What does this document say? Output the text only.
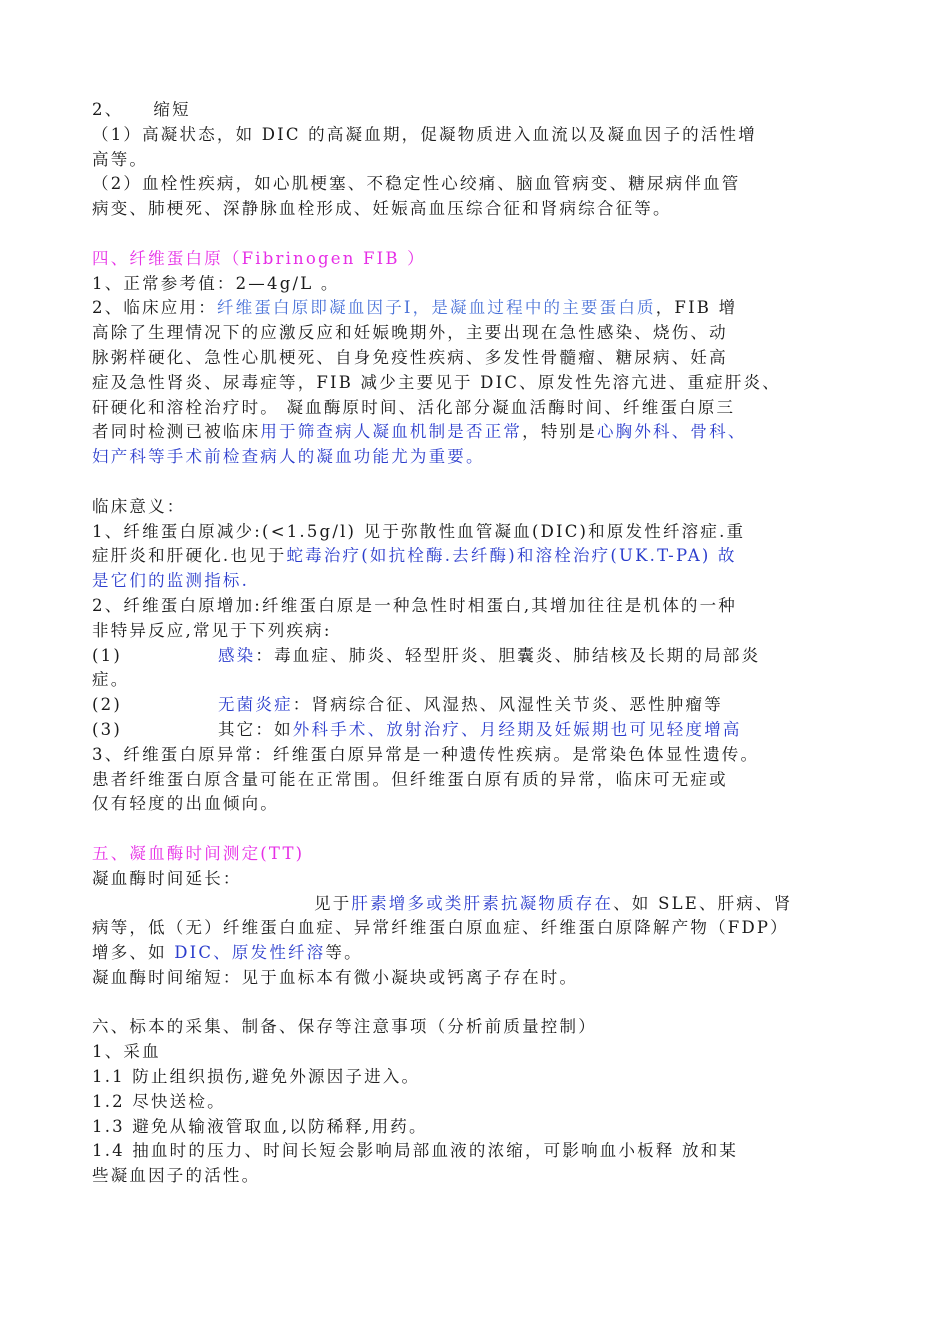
2、 缩短
（1）高凝状态，如 DIC 的高凝血期，促凝物质进入血流以及凝血因子的活性增
高等。
（2）血栓性疾病，如心肌梗塞、不稳定性心绞痛、脑血管病变、糖尿病伴血管
病变、肺梗死、深静脉血栓形成、妊娠高血压综合征和肾病综合征等。
四、纤维蛋白原（Fibrinogen FIB ）
1、正常参考值：2—4g/L 。
2、临床应用：纤维蛋白原即凝血因子Ⅰ，是凝血过程中的主要蛋白质，FIB 增
高除了生理情况下的应激反应和妊娠晚期外，主要出现在急性感染、烧伤、动
脉粥样硬化、急性心肌梗死、自身免疫性疾病、多发性骨髓瘤、糖尿病、妊高
症及急性肾炎、尿毒症等，FIB 减少主要见于 DIC、原发性先溶亢进、重症肝炎、
矸硬化和溶栓治疗时。 凝血酶原时间、活化部分凝血活酶时间、纤维蛋白原三
者同时检测已被临床用于筛查病人凝血机制是否正常，特别是心胸外科、骨科、
妇产科等手术前检查病人的凝血功能尤为重要。
临床意义：
1、纤维蛋白原减少:(<1.5g/l) 见于弥散性血管凝血(DIC)和原发性纤溶症.重
症肝炎和肝硬化.也见于蛇毒治疗(如抗栓酶.去纤酶)和溶栓治疗(UK.T-PA) 故
是它们的监测指标.
2、纤维蛋白原增加:纤维蛋白原是一种急性时相蛋白,其增加往往是机体的一种
非特异反应,常见于下列疾病:
(1)	感染：毒血症、肺炎、轻型肝炎、胆囊炎、肺结核及长期的局部炎
症。
(2)	无菌炎症：肾病综合征、风湿热、风湿性关节炎、恶性肿瘤等
(3)	其它：如外科手术、放射治疗、月经期及妊娠期也可见轻度增高
3、纤维蛋白原异常：纤维蛋白原异常是一种遗传性疾病。是常染色体显性遗传。
患者纤维蛋白原含量可能在正常围。但纤维蛋白原有质的异常，临床可无症或
仅有轻度的出血倾向。
五、凝血酶时间测定(TT)
凝血酶时间延长：
见于肝素增多或类肝素抗凝物质存在、如 SLE、肝病、肾
病等，低（无）纤维蛋白血症、异常纤维蛋白原血症、纤维蛋白原降解产物（FDP）
增多、如 DIC、原发性纤溶等。
凝血酶时间缩短：见于血标本有微小凝块或钙离子存在时。
六、标本的采集、制备、保存等注意事项（分析前质量控制）
1、采血
1.1 防止组织损伤,避免外源因子进入。
1.2 尽快送检。
1.3 避免从输液管取血,以防稀释,用药。
1.4 抽血时的压力、时间长短会影响局部血液的浓缩，可影响血小板释 放和某
些凝血因子的活性。
